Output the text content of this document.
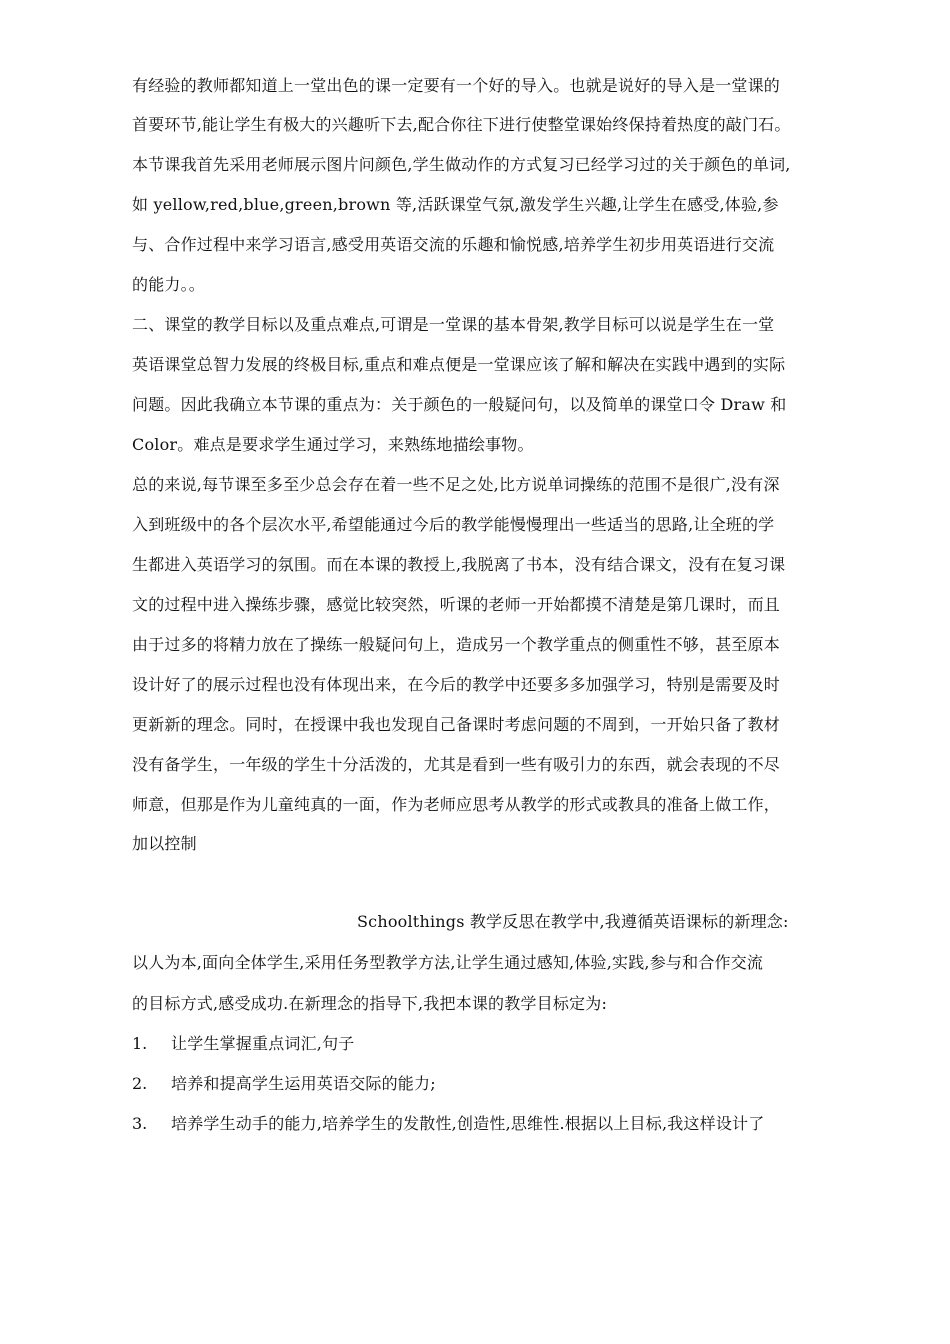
有经验的教师都知道上一堂出色的课一定要有一个好的导入。也就是说好的导入是一堂课的
首要环节,能让学生有极大的兴趣听下去,配合你往下进行使整堂课始终保持着热度的敲门石。
本节课我首先采用老师展示图片问颜色,学生做动作的方式复习已经学习过的关于颜色的单词,
如 yellow,red,blue,green,brown 等,活跃课堂气氛,激发学生兴趣,让学生在感受,体验,参
与、合作过程中来学习语言,感受用英语交流的乐趣和愉悦感,培养学生初步用英语进行交流
的能力。。
二、课堂的教学目标以及重点难点,可谓是一堂课的基本骨架,教学目标可以说是学生在一堂
英语课堂总智力发展的终极目标,重点和难点便是一堂课应该了解和解决在实践中遇到的实际
问题。因此我确立本节课的重点为：关于颜色的一般疑问句，以及简单的课堂口令 Draw 和
Color。难点是要求学生通过学习，来熟练地描绘事物。
总的来说,每节课至多至少总会存在着一些不足之处,比方说单词操练的范围不是很广,没有深
入到班级中的各个层次水平,希望能通过今后的教学能慢慢理出一些适当的思路,让全班的学
生都进入英语学习的氛围。而在本课的教授上,我脱离了书本，没有结合课文，没有在复习课
文的过程中进入操练步骤，感觉比较突然，听课的老师一开始都摸不清楚是第几课时，而且
由于过多的将精力放在了操练一般疑问句上，造成另一个教学重点的侧重性不够，甚至原本
设计好了的展示过程也没有体现出来，在今后的教学中还要多多加强学习，特别是需要及时
更新新的理念。同时，在授课中我也发现自己备课时考虑问题的不周到，一开始只备了教材
没有备学生，一年级的学生十分活泼的，尤其是看到一些有吸引力的东西，就会表现的不尽
师意，但那是作为儿童纯真的一面，作为老师应思考从教学的形式或教具的准备上做工作，
加以控制
Schoolthings 教学反思在教学中,我遵循英语课标的新理念:
以人为本,面向全体学生,采用任务型教学方法,让学生通过感知,体验,实践,参与和合作交流
的目标方式,感受成功.在新理念的指导下,我把本课的教学目标定为:
1. 让学生掌握重点词汇,句子
2. 培养和提高学生运用英语交际的能力;
3. 培养学生动手的能力,培养学生的发散性,创造性,思维性.根据以上目标,我这样设计了
